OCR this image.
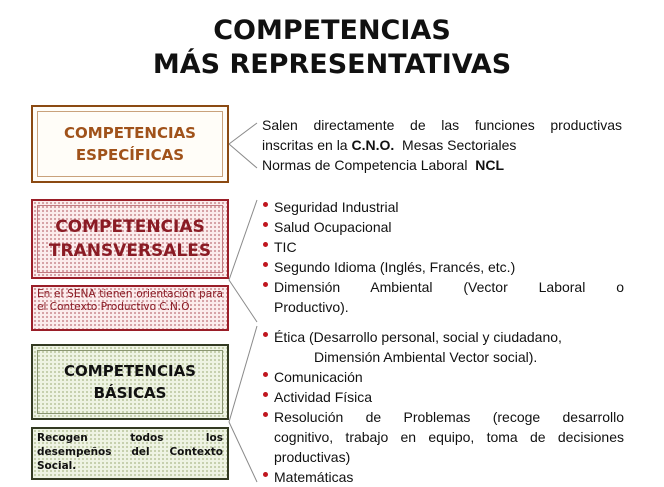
COMPETENCIAS
MÁS REPRESENTATIVAS
COMPETENCIAS
ESPECÍFICAS
Salen directamente de las funciones productivas
inscritas en la C.N.O.  Mesas Sectoriales
Normas de Competencia Laboral  NCL
COMPETENCIAS
TRANSVERSALES
En el SENA tienen orientación para el Contexto Productivo C.N.O.
Seguridad Industrial
Salud Ocupacional
TIC
Segundo Idioma (Inglés, Francés, etc.)
Dimensión Ambiental (Vector Laboral o
Productivo).
COMPETENCIAS
BÁSICAS
Recogen todos los desempeños del Contexto Social.
Ética (Desarrollo personal, social y ciudadano,
Dimensión Ambiental Vector social).
Comunicación
Actividad Física
Resolución de Problemas (recoge desarrollo
cognitivo, trabajo en equipo, toma de decisiones
productivas)
Matemáticas
